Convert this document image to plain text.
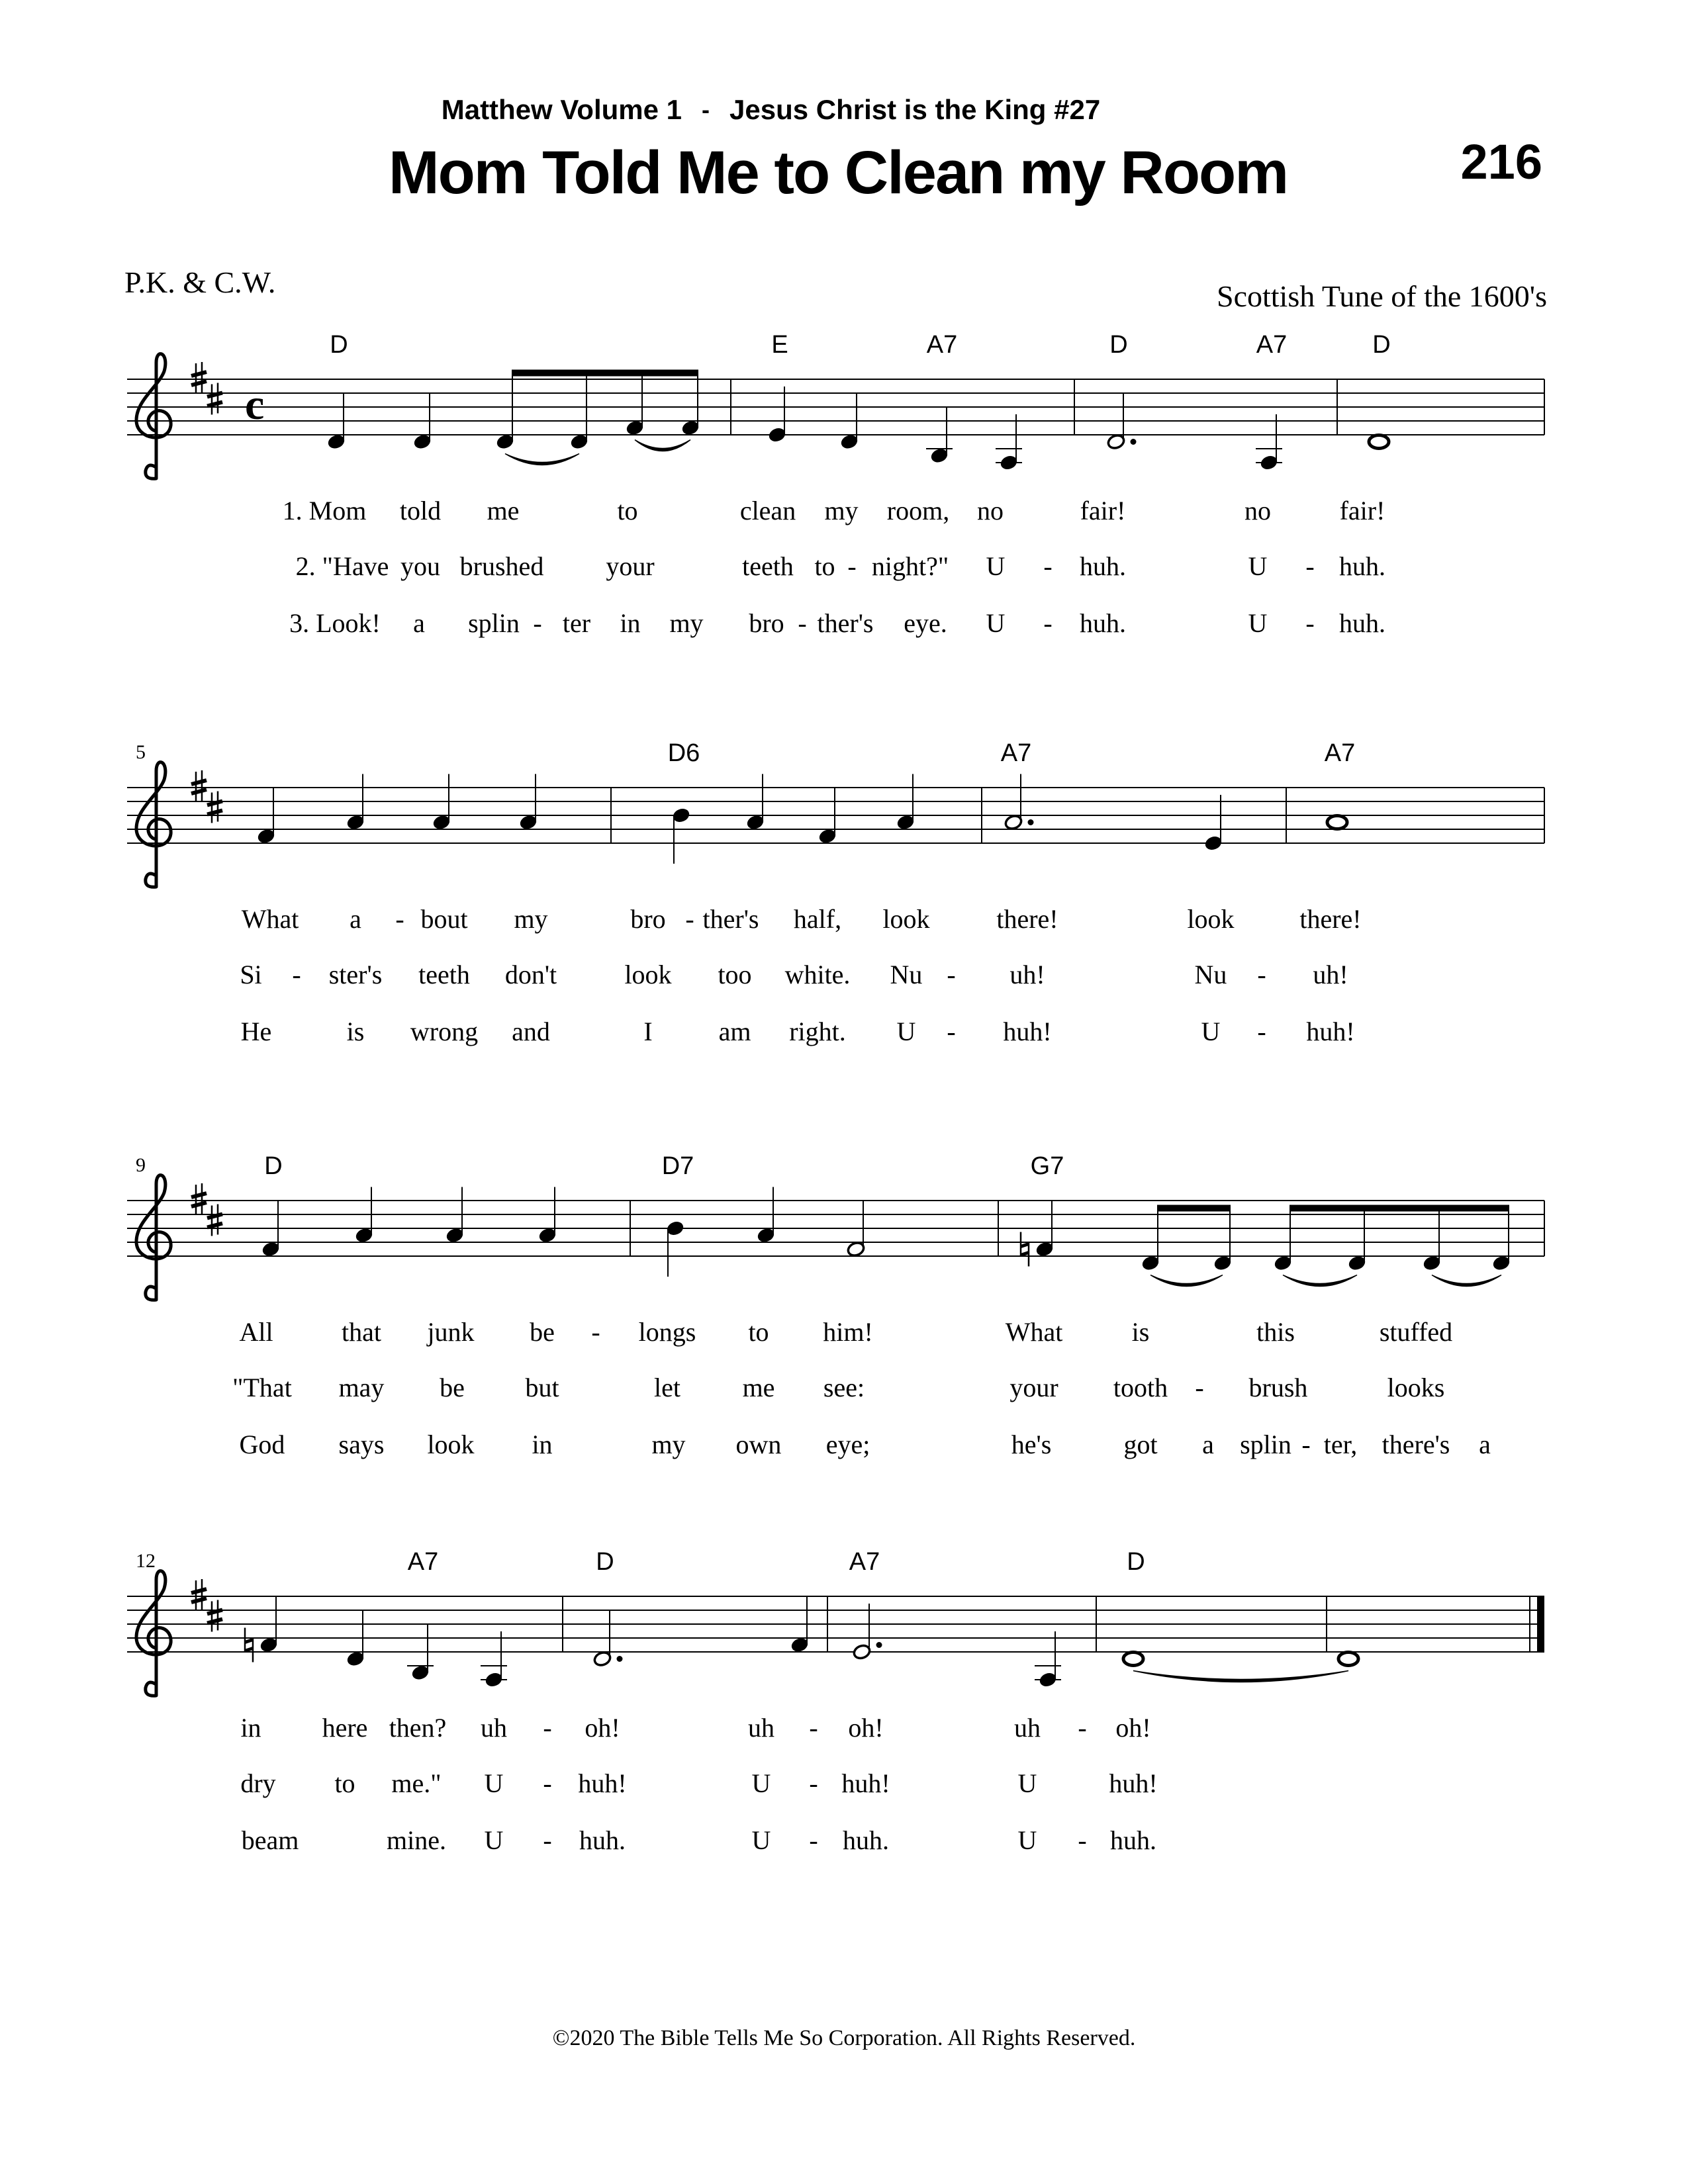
Matthew Volume 1 - Jesus Christ is the King #27
Mom Told Me to Clean my Room	216
P.K. & C.W.	Scottish Tune of the 1600's
c
D	E	A7	D	A7	D
1. Mom told me	to	clean my room, no	fair!	no	fair!
2. "Have you brushed your	teeth to - night?" U - huh.	U - huh.
3. Look! a splin - ter in my bro - ther's eye. U - huh.	U - huh.
5	D6	A7	A7
What a - bout my	bro - ther's half, look	there!	look there!
Si - ster's teeth don't	look too white. Nu - uh!	Nu - uh!
He	is wrong and	I am right. U - huh!	U - huh!
9	D	D7	G7
All	that junk be - longs to him!	What	is	this	stuffed
"That may be but	let me see:	your tooth - brush	looks
God says look in	my own eye;	he's	got a splin - ter, there's a
12	A7	D	A7	D
in here then? uh - oh!	uh - oh!	uh - oh!
dry to me." U - huh!	U - huh!	U	huh!
beam	mine. U - huh.	U - huh.	U - huh.
©2020 The Bible Tells Me So Corporation. All Rights Reserved.
